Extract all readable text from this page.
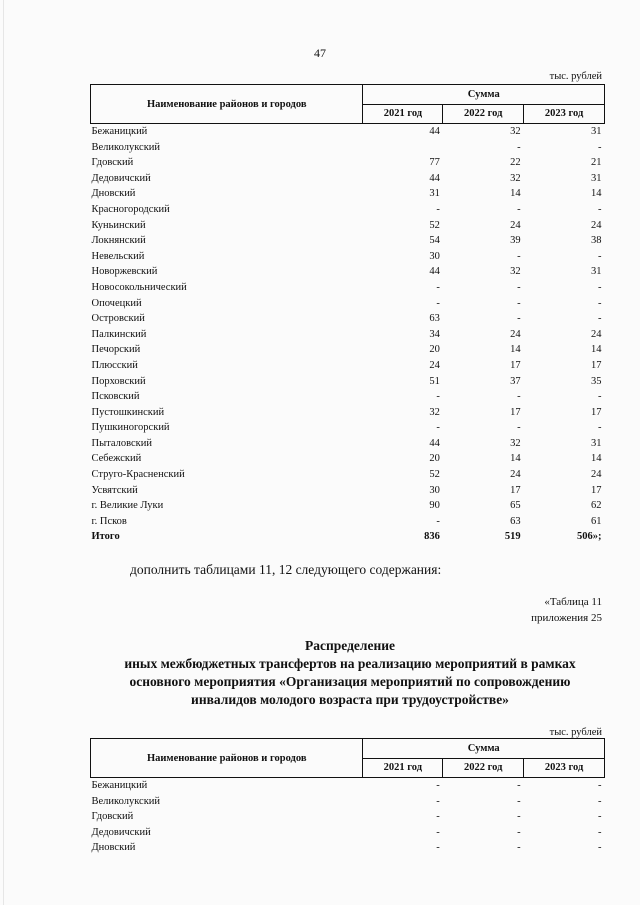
47
тыс. рублей
Наименование районов и городов	Сумма		
	2021 год	2022 год	2023 год
Бежаницкий	44	32	31
Великолукский		-	-
Гдовский	77	22	21
Дедовичский	44	32	31
Дновский	31	14	14
Красногородский	-	-	-
Куньинский	52	24	24
Локнянский	54	39	38
Невельский	30	-	-
Новоржевский	44	32	31
Новосокольнический	-	-	-
Опочецкий	-	-	-
Островский	63	-	-
Палкинский	34	24	24
Печорский	20	14	14
Плюсский	24	17	17
Порховский	51	37	35
Псковский	-	-	-
Пустошкинский	32	17	17
Пушкиногорский	-	-	-
Пыталовский	44	32	31
Себежский	20	14	14
Струго-Красненский	52	24	24
Усвятский	30	17	17
г. Великие Луки	90	65	62
г. Псков	-	63	61
Итого	836	519	506»;
дополнить таблицами 11, 12 следующего содержания:
«Таблица 11
приложения 25
Распределение
иных межбюджетных трансфертов на реализацию мероприятий в рамках
основного мероприятия «Организация мероприятий по сопровождению
инвалидов молодого возраста при трудоустройстве»
тыс. рублей
Наименование районов и городов	Сумма		
	2021 год	2022 год	2023 год
Бежаницкий	-	-	-
Великолукский	-	-	-
Гдовский	-	-	-
Дедовичский	-	-	-
Дновский	-	-	-
